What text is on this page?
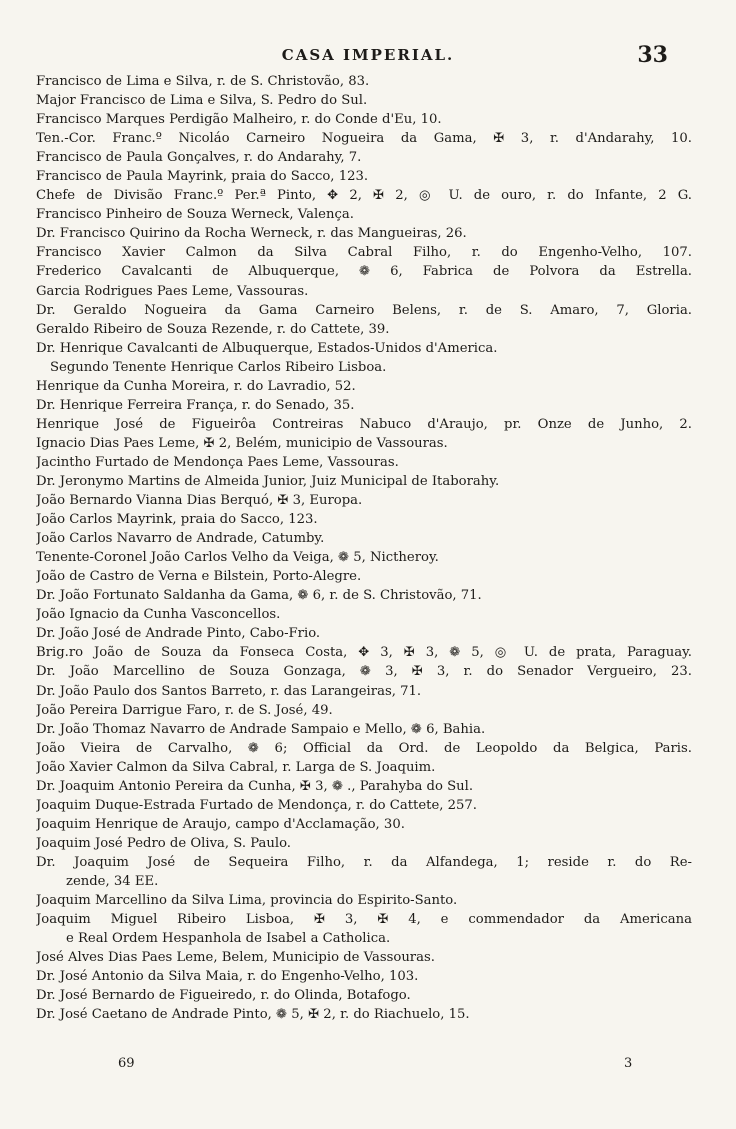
CASA IMPERIAL.	33
Francisco de Lima e Silva, r. de S. Christovão, 83.
Major Francisco de Lima e Silva, S. Pedro do Sul.
Francisco Marques Perdigão Malheiro, r. do Conde d'Eu, 10.
Ten.-Cor. Franc.º Nicoláo Carneiro Nogueira da Gama, ✠ 3, r. d'Andarahy, 10.
Francisco de Paula Gonçalves, r. do Andarahy, 7.
Francisco de Paula Mayrink, praia do Sacco, 123.
Chefe de Divisão Franc.º Per.ª Pinto, ✥ 2, ✠ 2, ◎ U. de ouro, r. do Infante, 2 G.
Francisco Pinheiro de Souza Werneck, Valença.
Dr. Francisco Quirino da Rocha Werneck, r. das Mangueiras, 26.
Francisco Xavier Calmon da Silva Cabral Filho, r. do Engenho-Velho, 107.
Frederico Cavalcanti de Albuquerque, ❁ 6, Fabrica de Polvora da Estrella.
Garcia Rodrigues Paes Leme, Vassouras.
Dr. Geraldo Nogueira da Gama Carneiro Belens, r. de S. Amaro, 7, Gloria.
Geraldo Ribeiro de Souza Rezende, r. do Cattete, 39.
Dr. Henrique Cavalcanti de Albuquerque, Estados-Unidos d'America.
Segundo Tenente Henrique Carlos Ribeiro Lisboa.
Henrique da Cunha Moreira, r. do Lavradio, 52.
Dr. Henrique Ferreira França, r. do Senado, 35.
Henrique José de Figueirôa Contreiras Nabuco d'Araujo, pr. Onze de Junho, 2.
Ignacio Dias Paes Leme, ✠ 2, Belém, municipio de Vassouras.
Jacintho Furtado de Mendonça Paes Leme, Vassouras.
Dr. Jeronymo Martins de Almeida Junior, Juiz Municipal de Itaborahy.
João Bernardo Vianna Dias Berquó, ✠ 3, Europa.
João Carlos Mayrink, praia do Sacco, 123.
João Carlos Navarro de Andrade, Catumby.
Tenente-Coronel João Carlos Velho da Veiga, ❁ 5, Nictheroy.
João de Castro de Verna e Bilstein, Porto-Alegre.
Dr. João Fortunato Saldanha da Gama, ❁ 6, r. de S. Christovão, 71.
João Ignacio da Cunha Vasconcellos.
Dr. João José de Andrade Pinto, Cabo-Frio.
Brig.ro João de Souza da Fonseca Costa, ✥ 3, ✠ 3, ❁ 5, ◎ U. de prata, Paraguay.
Dr. João Marcellino de Souza Gonzaga, ❁ 3, ✠ 3, r. do Senador Vergueiro, 23.
Dr. João Paulo dos Santos Barreto, r. das Larangeiras, 71.
João Pereira Darrigue Faro, r. de S. José, 49.
Dr. João Thomaz Navarro de Andrade Sampaio e Mello, ❁ 6, Bahia.
João Vieira de Carvalho, ❁ 6; Official da Ord. de Leopoldo da Belgica, Paris.
João Xavier Calmon da Silva Cabral, r. Larga de S. Joaquim.
Dr. Joaquim Antonio Pereira da Cunha, ✠ 3, ❁ ., Parahyba do Sul.
Joaquim Duque-Estrada Furtado de Mendonça, r. do Cattete, 257.
Joaquim Henrique de Araujo, campo d'Acclamação, 30.
Joaquim José Pedro de Oliva, S. Paulo.
Dr. Joaquim José de Sequeira Filho, r. da Alfandega, 1; reside r. do Re-
zende, 34 EE.
Joaquim Marcellino da Silva Lima, provincia do Espirito-Santo.
Joaquim Miguel Ribeiro Lisboa, ✠ 3, ✠ 4, e commendador da Americana
e Real Ordem Hespanhola de Isabel a Catholica.
José Alves Dias Paes Leme, Belem, Municipio de Vassouras.
Dr. José Antonio da Silva Maia, r. do Engenho-Velho, 103.
Dr. José Bernardo de Figueiredo, r. do Olinda, Botafogo.
Dr. José Caetano de Andrade Pinto, ❁ 5, ✠ 2, r. do Riachuelo, 15.
69	3
